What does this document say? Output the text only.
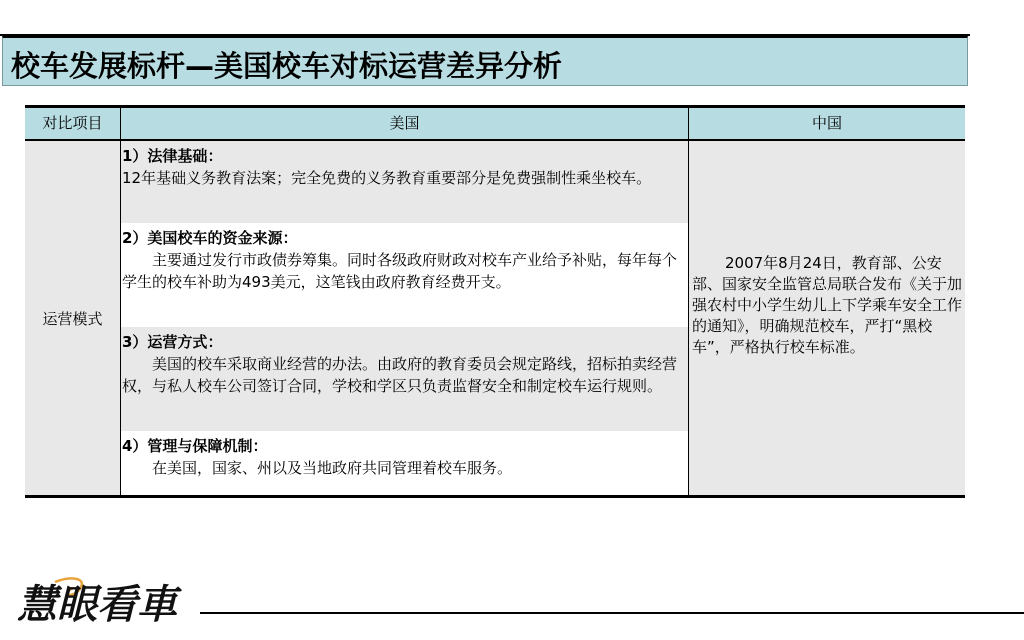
校车发展标杆—美国校车对标运营差异分析
对比项目	美国	中国
运营模式
1）法律基础：
12年基础义务教育法案；完全免费的义务教育重要部分是免费强制性乘坐校车。
2）美国校车的资金来源：
　　主要通过发行市政债券筹集。同时各级政府财政对校车产业给予补贴，每年每个学生的校车补助为493美元，这笔钱由政府教育经费开支。
3）运营方式：
　　美国的校车采取商业经营的办法。由政府的教育委员会规定路线，招标拍卖经营权，与私人校车公司签订合同，学校和学区只负责监督安全和制定校车运行规则。
4）管理与保障机制：
　　在美国，国家、州以及当地政府共同管理着校车服务。
2007年8月24日，教育部、公安部、国家安全监管总局联合发布《关于加强农村中小学生幼儿上下学乘车安全工作的通知》，明确规范校车，严打“黑校车”，严格执行校车标准。
慧眼看車
